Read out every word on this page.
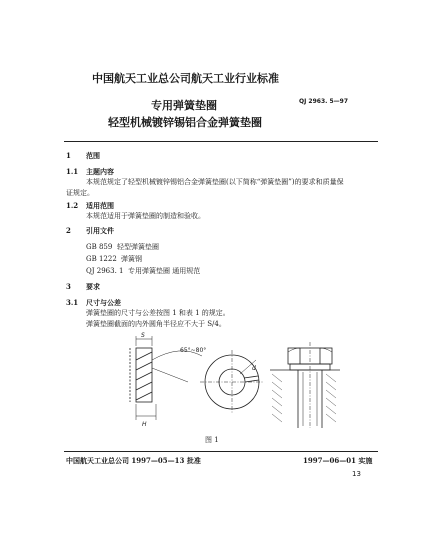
中国航天工业总公司航天工业行业标准
QJ 2963. 5—97
专用弹簧垫圈
轻型机械镀锌锡铝合金弹簧垫圈
1 范围
1.1 主题内容
本规范规定了轻型机械镀锌锡铝合金弹簧垫圈(以下简称“弹簧垫圈”)的要求和质量保
证规定。
1.2 适用范围
本规范适用于弹簧垫圈的制造和验收。
2 引用文件
GB 859 轻型弹簧垫圈
GB 1222 弹簧钢
QJ 2963. 1 专用弹簧垫圈 通用规范
3 要求
3.1 尺寸与公差
弹簧垫圈的尺寸与公差按图 1 和表 1 的规定。
弹簧垫圈截面的内外圆角半径应不大于 S/4。
S
65°~80°
d
H
图 1
中国航天工业总公司 1997—05—13 批准	1997—06—01 实施
13
